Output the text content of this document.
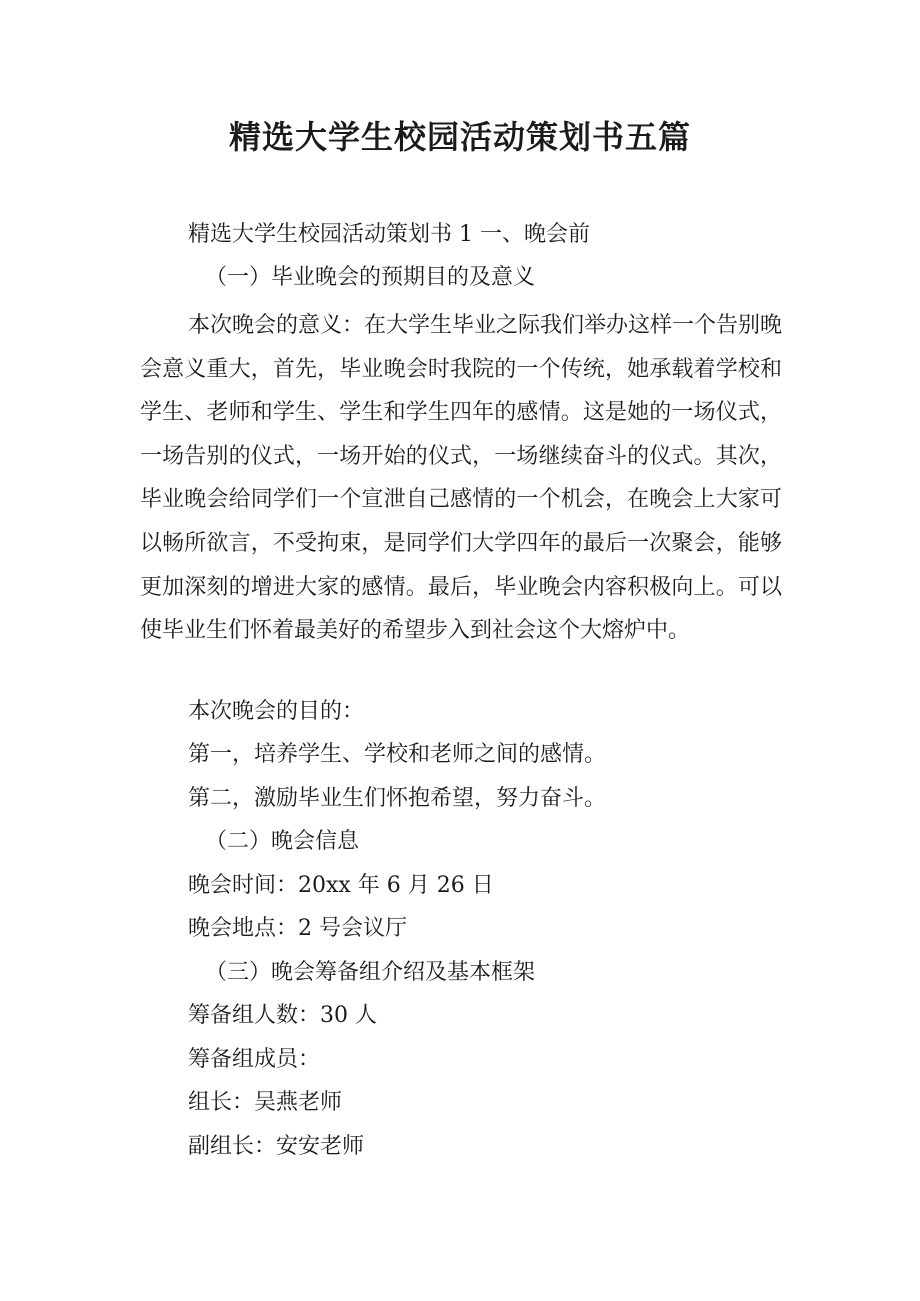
精选大学生校园活动策划书五篇

精选大学生校园活动策划书 1 一、晚会前

（一）毕业晚会的预期目的及意义

本次晚会的意义：在大学生毕业之际我们举办这样一个告别晚会意义重大，首先，毕业晚会时我院的一个传统，她承载着学校和学生、老师和学生、学生和学生四年的感情。这是她的一场仪式，一场告别的仪式，一场开始的仪式，一场继续奋斗的仪式。其次，毕业晚会给同学们一个宣泄自己感情的一个机会，在晚会上大家可以畅所欲言，不受拘束，是同学们大学四年的最后一次聚会，能够更加深刻的增进大家的感情。最后，毕业晚会内容积极向上。可以使毕业生们怀着最美好的希望步入到社会这个大熔炉中。

本次晚会的目的：

第一，培养学生、学校和老师之间的感情。

第二，激励毕业生们怀抱希望，努力奋斗。

（二）晚会信息

晚会时间：20xx 年 6 月 26 日

晚会地点：2 号会议厅

（三）晚会筹备组介绍及基本框架

筹备组人数：30 人

筹备组成员：

组长：吴燕老师

副组长：安安老师
